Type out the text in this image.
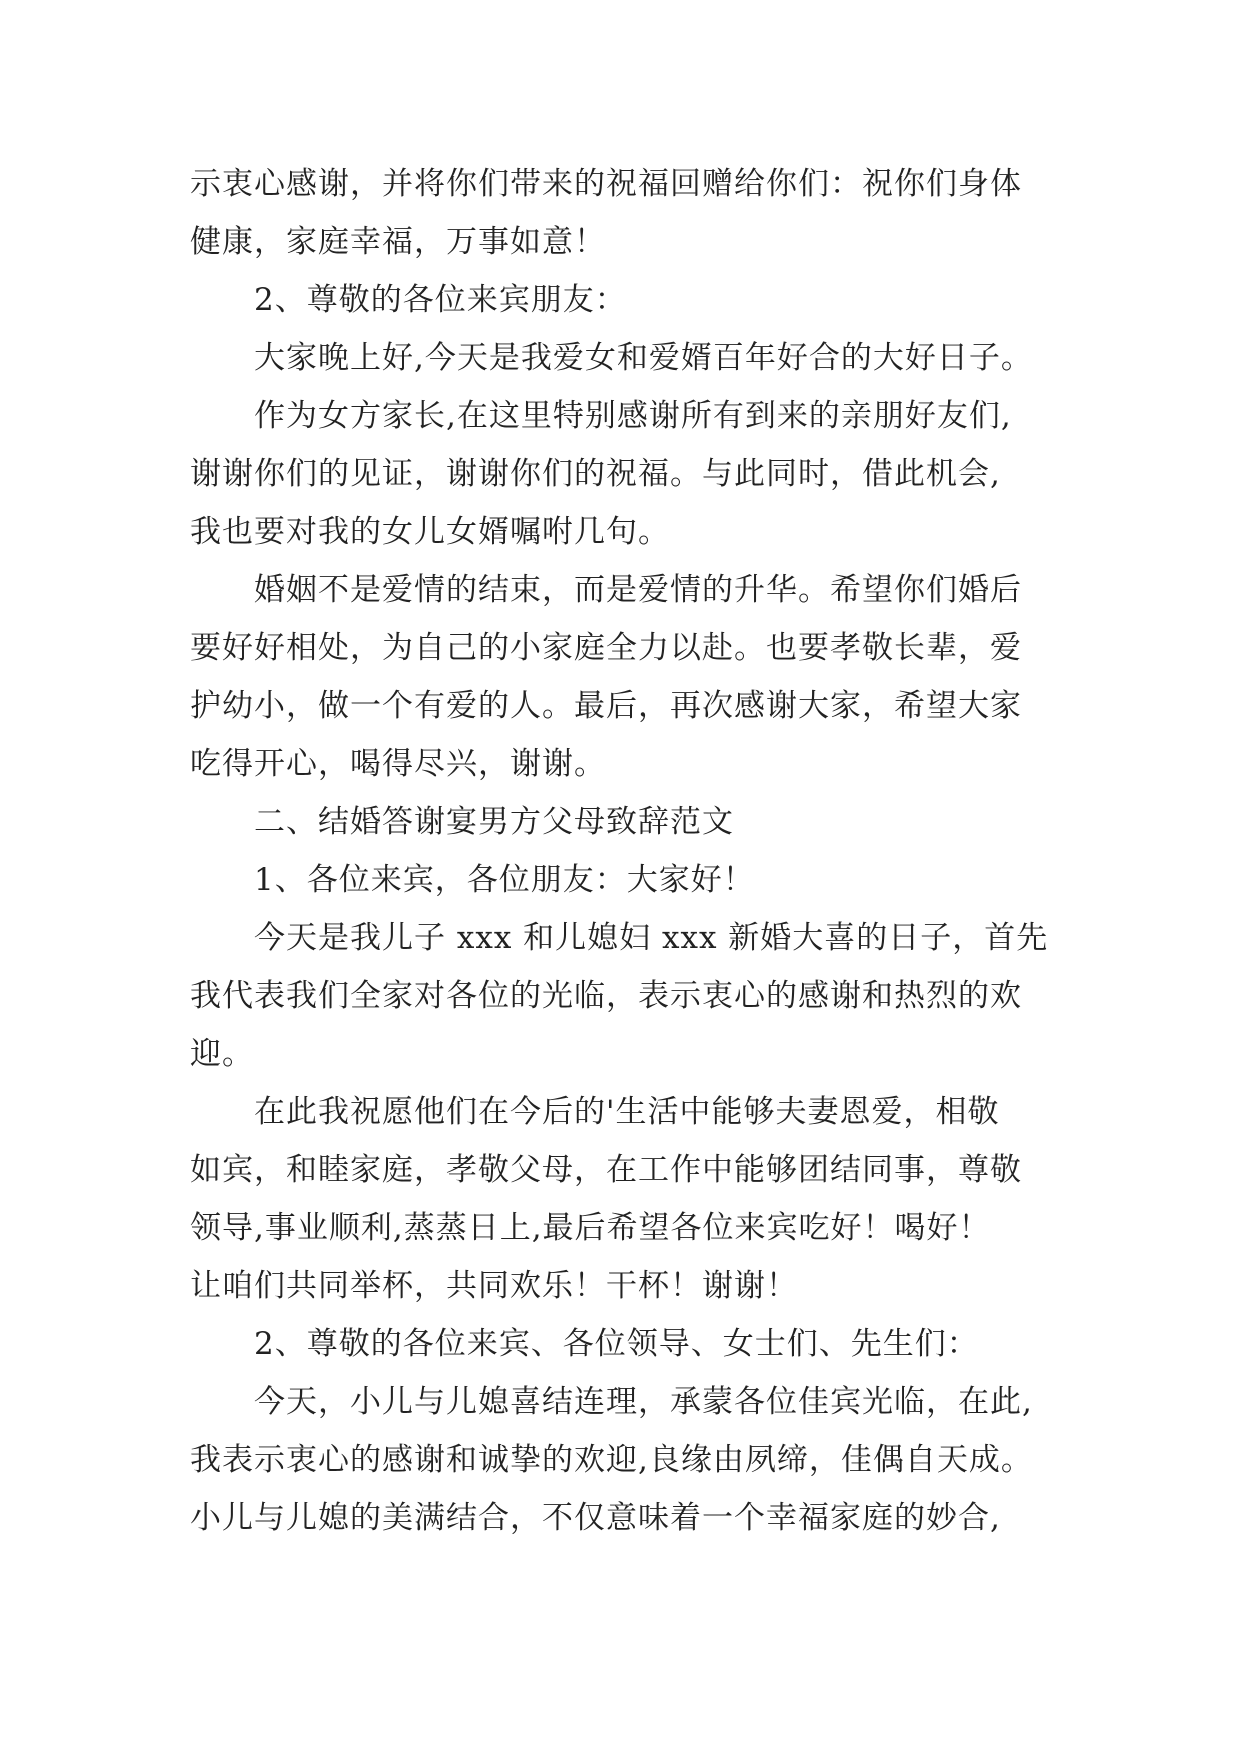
示衷心感谢，并将你们带来的祝福回赠给你们：祝你们身体
健康，家庭幸福，万事如意！

2、尊敬的各位来宾朋友：

大家晚上好,今天是我爱女和爱婿百年好合的大好日子。

作为女方家长,在这里特别感谢所有到来的亲朋好友们,
谢谢你们的见证，谢谢你们的祝福。与此同时，借此机会,
我也要对我的女儿女婿嘱咐几句。

婚姻不是爱情的结束，而是爱情的升华。希望你们婚后
要好好相处，为自己的小家庭全力以赴。也要孝敬长辈，爱
护幼小，做一个有爱的人。最后，再次感谢大家，希望大家
吃得开心，喝得尽兴，谢谢。

二、结婚答谢宴男方父母致辞范文

1、各位来宾，各位朋友：大家好！

今天是我儿子 xxx 和儿媳妇 xxx 新婚大喜的日子，首先
我代表我们全家对各位的光临，表示衷心的感谢和热烈的欢
迎。

在此我祝愿他们在今后的'生活中能够夫妻恩爱，相敬
如宾，和睦家庭，孝敬父母，在工作中能够团结同事，尊敬
领导,事业顺利,蒸蒸日上,最后希望各位来宾吃好！喝好！
让咱们共同举杯，共同欢乐！干杯！谢谢！

2、尊敬的各位来宾、各位领导、女士们、先生们：

今天，小儿与儿媳喜结连理，承蒙各位佳宾光临，在此,
我表示衷心的感谢和诚挚的欢迎,良缘由夙缔，佳偶自天成。
小儿与儿媳的美满结合，不仅意味着一个幸福家庭的妙合,
